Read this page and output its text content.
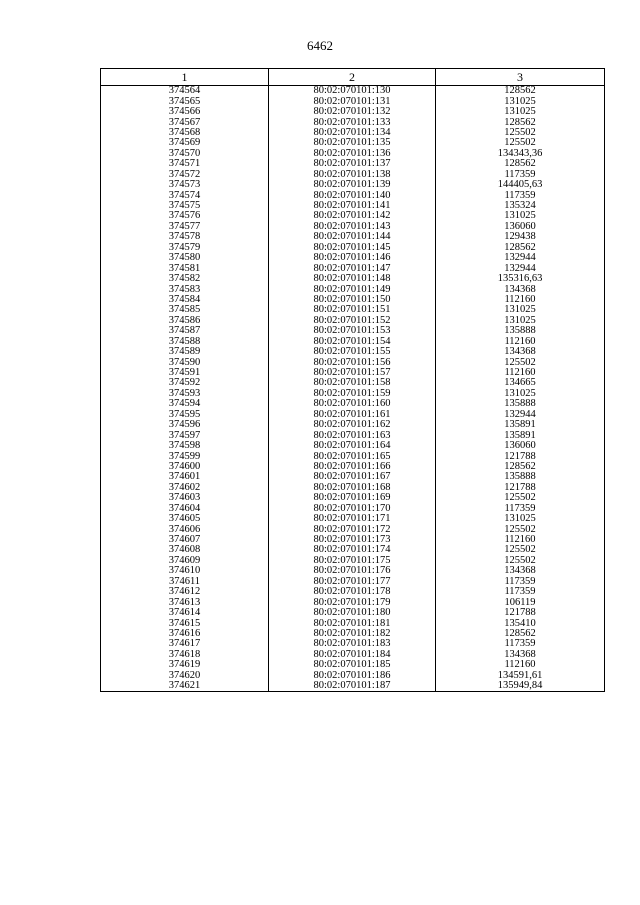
6462
1	2	3
374564	80:02:070101:130	128562
374565	80:02:070101:131	131025
374566	80:02:070101:132	131025
374567	80:02:070101:133	128562
374568	80:02:070101:134	125502
374569	80:02:070101:135	125502
374570	80:02:070101:136	134343,36
374571	80:02:070101:137	128562
374572	80:02:070101:138	117359
374573	80:02:070101:139	144405,63
374574	80:02:070101:140	117359
374575	80:02:070101:141	135324
374576	80:02:070101:142	131025
374577	80:02:070101:143	136060
374578	80:02:070101:144	129438
374579	80:02:070101:145	128562
374580	80:02:070101:146	132944
374581	80:02:070101:147	132944
374582	80:02:070101:148	135316,63
374583	80:02:070101:149	134368
374584	80:02:070101:150	112160
374585	80:02:070101:151	131025
374586	80:02:070101:152	131025
374587	80:02:070101:153	135888
374588	80:02:070101:154	112160
374589	80:02:070101:155	134368
374590	80:02:070101:156	125502
374591	80:02:070101:157	112160
374592	80:02:070101:158	134665
374593	80:02:070101:159	131025
374594	80:02:070101:160	135888
374595	80:02:070101:161	132944
374596	80:02:070101:162	135891
374597	80:02:070101:163	135891
374598	80:02:070101:164	136060
374599	80:02:070101:165	121788
374600	80:02:070101:166	128562
374601	80:02:070101:167	135888
374602	80:02:070101:168	121788
374603	80:02:070101:169	125502
374604	80:02:070101:170	117359
374605	80:02:070101:171	131025
374606	80:02:070101:172	125502
374607	80:02:070101:173	112160
374608	80:02:070101:174	125502
374609	80:02:070101:175	125502
374610	80:02:070101:176	134368
374611	80:02:070101:177	117359
374612	80:02:070101:178	117359
374613	80:02:070101:179	106119
374614	80:02:070101:180	121788
374615	80:02:070101:181	135410
374616	80:02:070101:182	128562
374617	80:02:070101:183	117359
374618	80:02:070101:184	134368
374619	80:02:070101:185	112160
374620	80:02:070101:186	134591,61
374621	80:02:070101:187	135949,84
